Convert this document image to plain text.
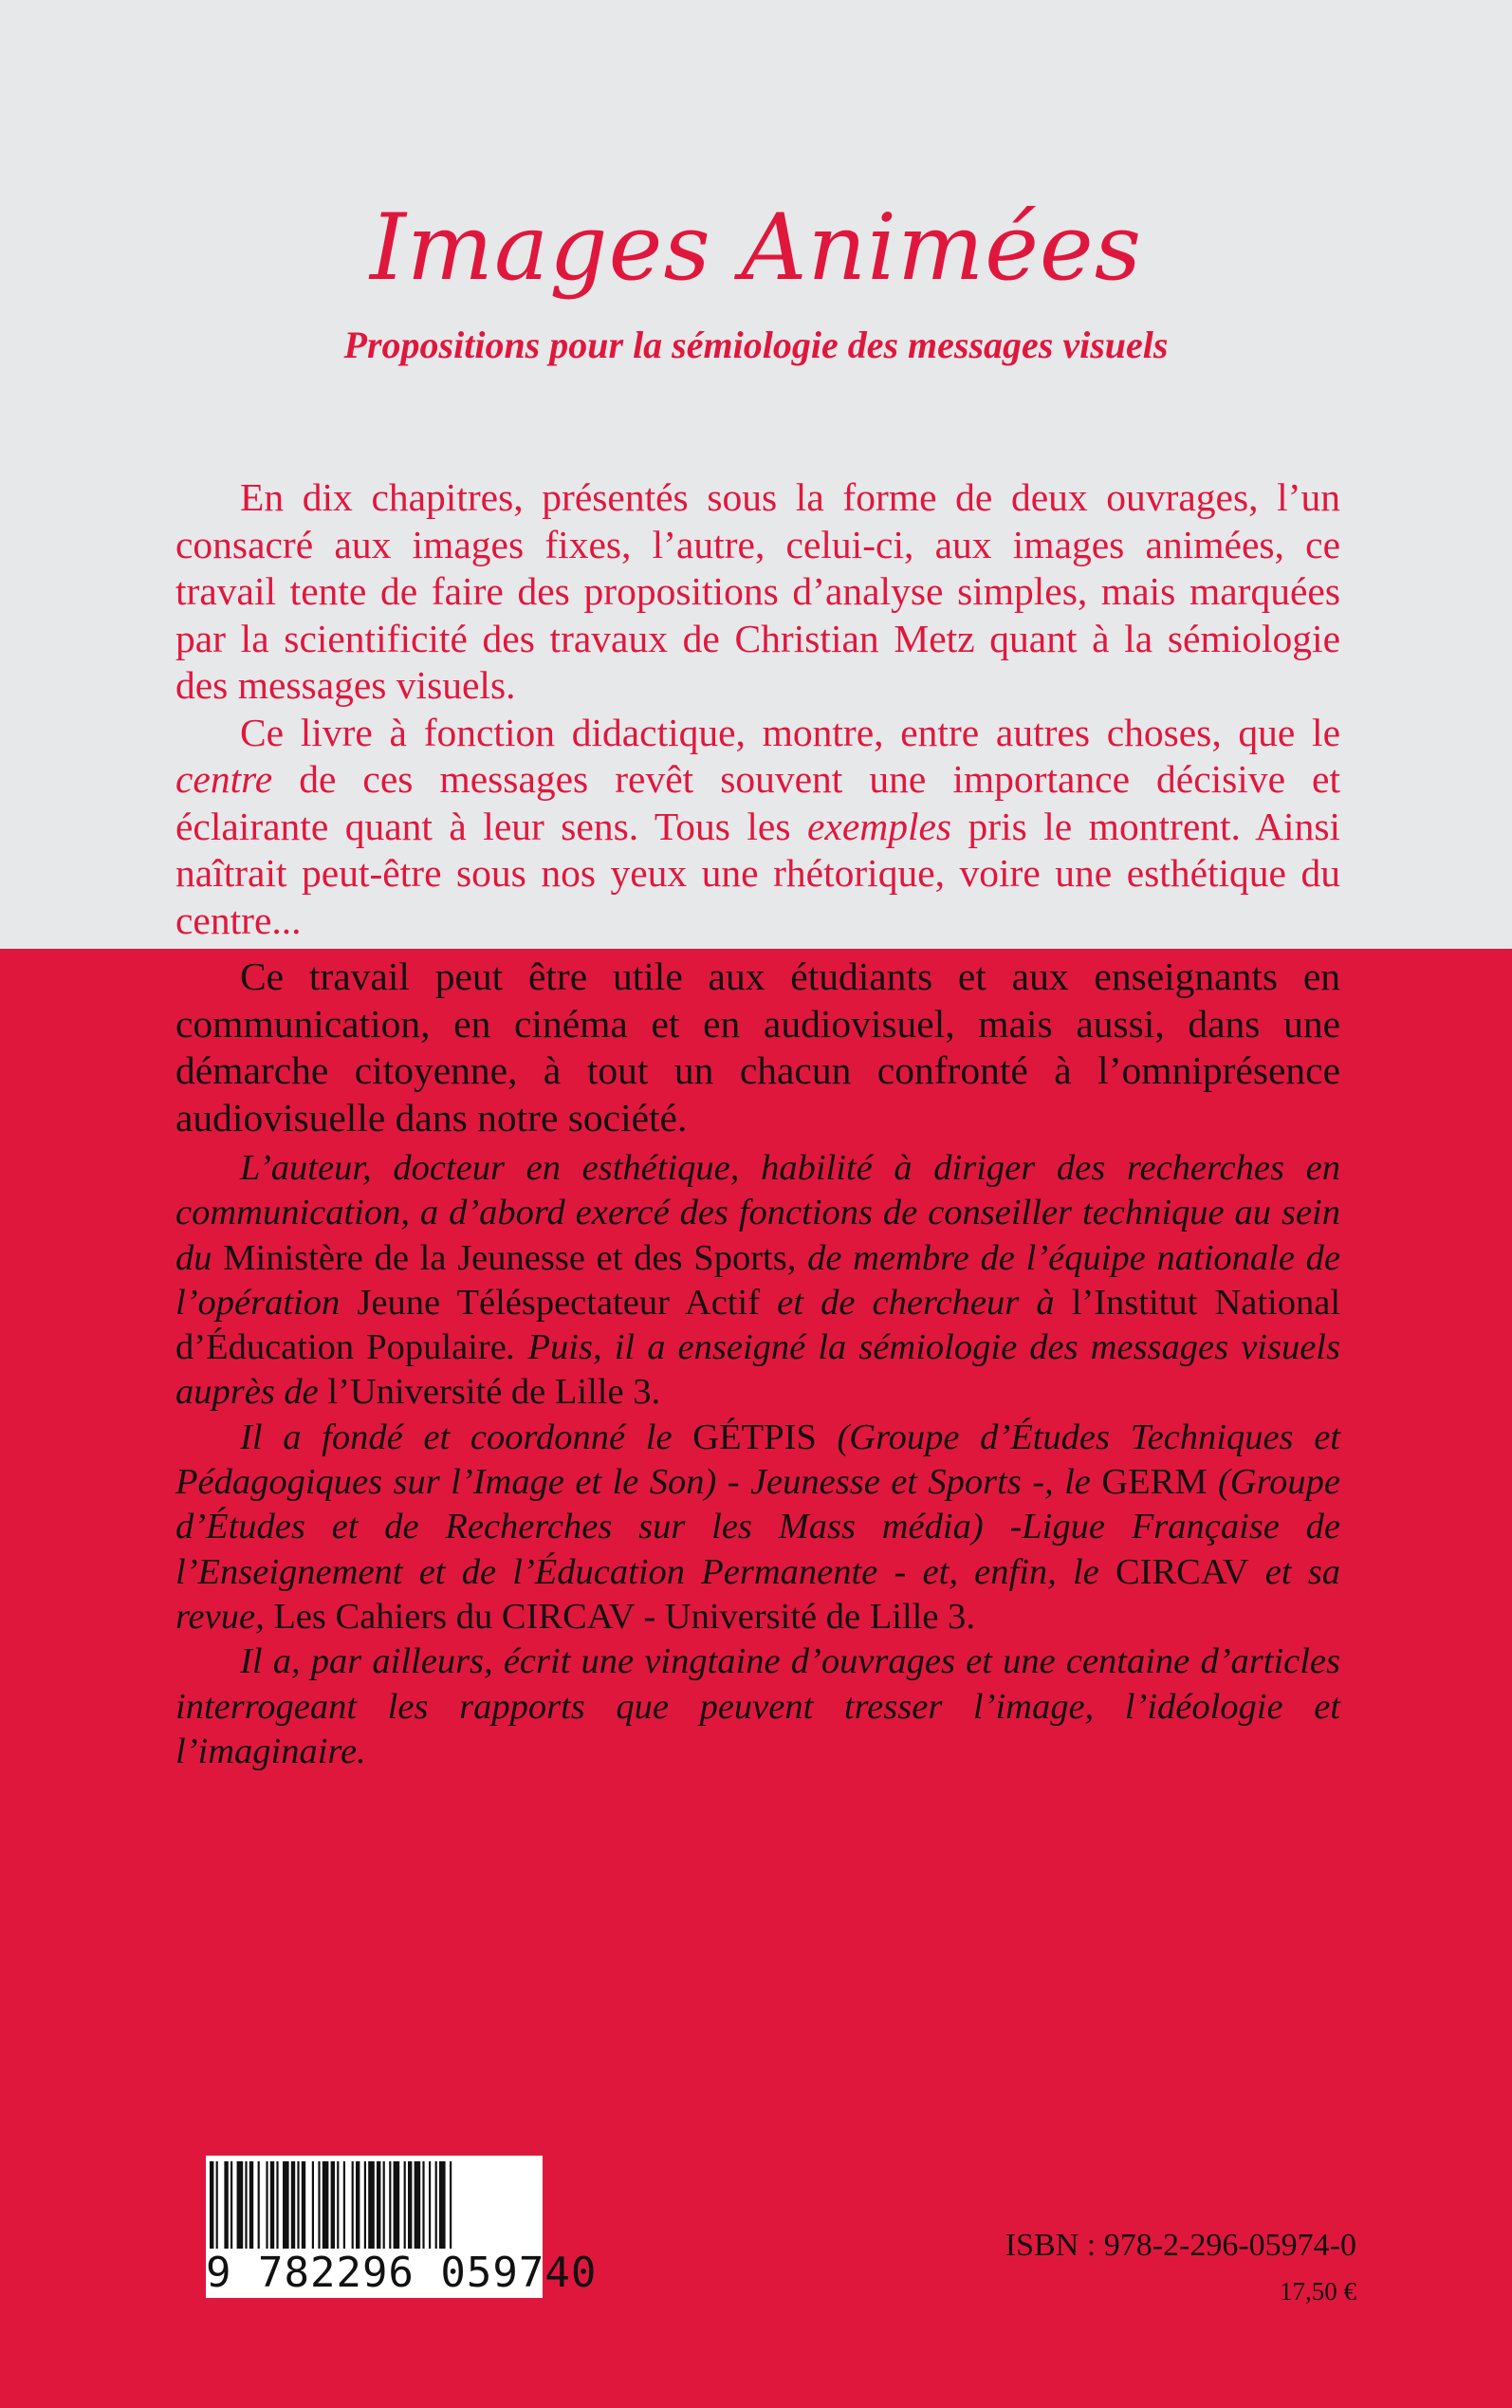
Images Animées
Propositions pour la sémiologie des messages visuels

En dix chapitres, présentés sous la forme de deux ouvrages, l’un consacré aux images fixes, l’autre, celui-ci, aux images animées, ce travail tente de faire des propositions d’analyse simples, mais marquées par la scientificité des travaux de Christian Metz quant à la sémiologie des messages visuels.

Ce livre à fonction didactique, montre, entre autres choses, que le centre de ces messages revêt souvent une importance décisive et éclairante quant à leur sens. Tous les exemples pris le montrent. Ainsi naîtrait peut-être sous nos yeux une rhétorique, voire une esthétique du centre...

Ce travail peut être utile aux étudiants et aux enseignants en communication, en cinéma et en audiovisuel, mais aussi, dans une démarche citoyenne, à tout un chacun confronté à l’omniprésence audiovisuelle dans notre société.

L’auteur, docteur en esthétique, habilité à diriger des recherches en communication, a d’abord exercé des fonctions de conseiller technique au sein du Ministère de la Jeunesse et des Sports, de membre de l’équipe nationale de l’opération Jeune Téléspectateur Actif et de chercheur à l’Institut National d’Éducation Populaire. Puis, il a enseigné la sémiologie des messages visuels auprès de l’Université de Lille 3.

Il a fondé et coordonné le GÉTPIS (Groupe d’Études Techniques et Pédagogiques sur l’Image et le Son) - Jeunesse et Sports -, le GERM (Groupe d’Études et de Recherches sur les Mass média) -Ligue Française de l’Enseignement et de l’Éducation Permanente - et, enfin, le CIRCAV et sa revue, Les Cahiers du CIRCAV - Université de Lille 3.

Il a, par ailleurs, écrit une vingtaine d’ouvrages et une centaine d’articles interrogeant les rapports que peuvent tresser l’image, l’idéologie et l’imaginaire.

9 782296 059740
ISBN : 978-2-296-05974-0
17,50 €
